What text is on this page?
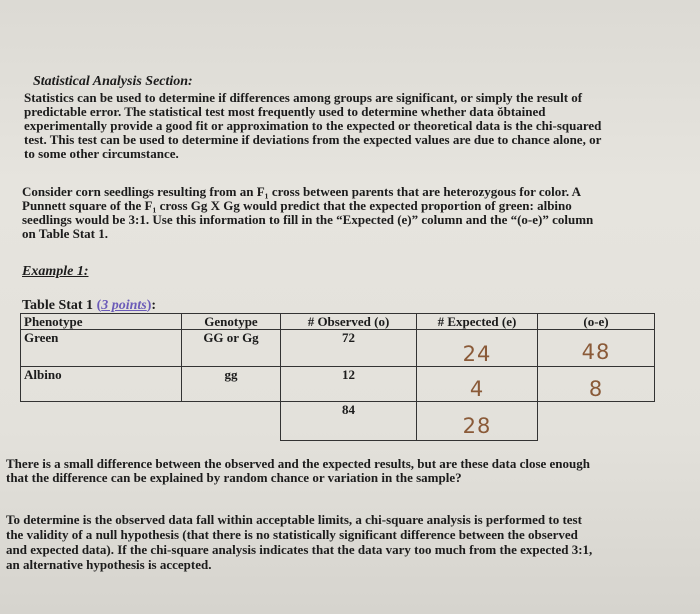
Statistical Analysis Section:
Statistics can be used to determine if differences among groups are significant, or simply the result of
predictable error. The statistical test most frequently used to determine whether data ŏbtained
experimentally provide a good fit or approximation to the expected or theoretical data is the chi-squared
test. This test can be used to determine if deviations from the expected values are due to chance alone, or
to some other circumstance.
Consider corn seedlings resulting from an F₁ cross between parents that are heterozygous for color. A
Punnett square of the F₁ cross Gg X Gg would predict that the expected proportion of green: albino
seedlings would be 3:1. Use this information to fill in the “Expected (e)” column and the “(o-e)” column
on Table Stat 1.
Example 1:
Table Stat 1 (3 points):
Phenotype	Genotype	# Observed (o)	# Expected (e)	(o-e)
Green	GG or Gg	72	24	48

Albino	gg	12	4	8

		84	28	

There is a small difference between the observed and the expected results, but are these data close enough
that the difference can be explained by random chance or variation in the sample?
To determine is the observed data fall within acceptable limits, a chi-square analysis is performed to test
the validity of a null hypothesis (that there is no statistically significant difference between the observed
and expected data). If the chi-square analysis indicates that the data vary too much from the expected 3:1,
an alternative hypothesis is accepted.
